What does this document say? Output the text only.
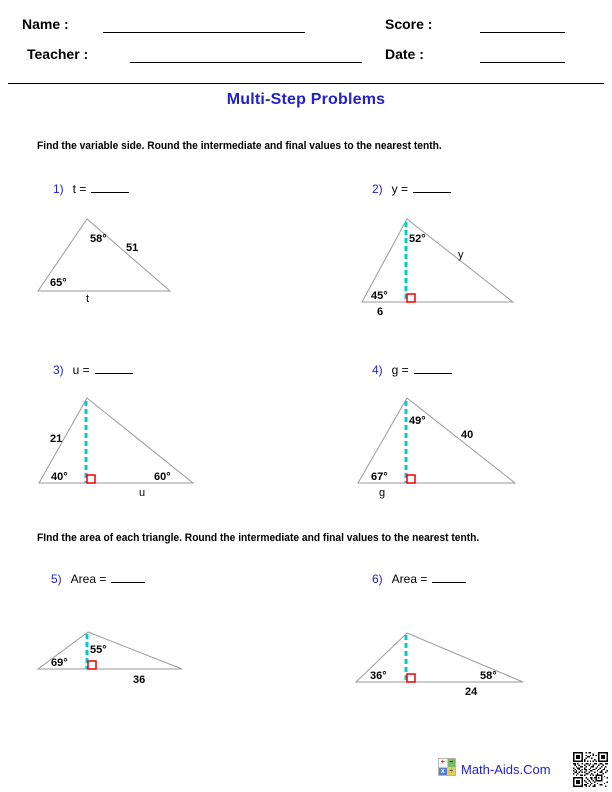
Name :	Score :
Teacher :	Date :
Multi-Step Problems
Find the variable side. Round the intermediate and final values to the nearest tenth.
1) t =	2) y =
58°
51
65°
t
52°
y
45°
6
3) u =	4) g =
21
40°	60°
u
49°
40
67°
g
FInd the area of each triangle. Round the intermediate and final values to the nearest tenth.
5) Area =	6) Area =
55°
69°
36	36°	58°
24
+ −
x ÷ Math-Aids.Com
